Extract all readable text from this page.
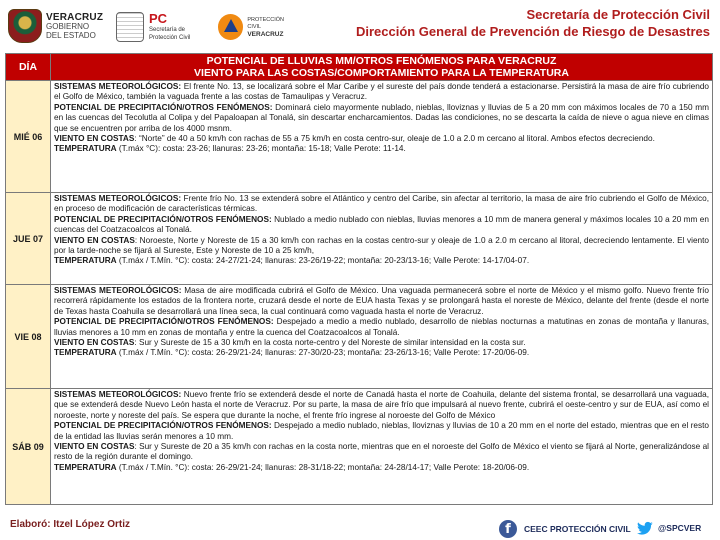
VERACRUZ
GOBIERNO
DEL ESTADO
PC
Secretaría de
Protección Civil
PROTECCIÓN CIVIL
VERACRUZ
Secretaría de Protección Civil
Dirección General de Prevención de Riesgo de Desastres
DÍA	POTENCIAL DE LLUVIAS MM/OTROS FENÓMENOS PARA VERACRUZ
VIENTO PARA LAS COSTAS/COMPORTAMIENTO PARA LA TEMPERATURA

MIÉ 06	SISTEMAS METEOROLÓGICOS: El frente No. 13, se localizará sobre el Mar Caribe y el sureste del país donde tenderá a estacionarse. Persistirá la masa de aire frío cubriendo el Golfo de México, también la vaguada frente a las costas de Tamaulipas y Veracruz.

POTENCIAL DE PRECIPITACIÓN/OTROS FENÓMENOS: Dominará cielo mayormente nublado, nieblas, lloviznas y lluvias de 5 a 20 mm con máximos locales de 70 a 150 mm en las cuencas del Tecolutla al Colipa y del Papaloapan al Tonalá, sin descartar encharcamientos. Dadas las condiciones, no se descarta la caída de nieve o agua nieve en climas que se encuentren por arriba de los 4000 msnm.

VIENTO EN COSTAS: “Norte” de 40 a 50 km/h con rachas de 55 a 75 km/h en costa centro-sur, oleaje de 1.0 a 2.0 m cercano al litoral. Ambos efectos decreciendo.

TEMPERATURA (T.máx °C): costa: 23-26; llanuras: 23-26; montaña: 15-18; Valle Perote: 11-14.

JUE 07	SISTEMAS METEOROLÓGICOS: Frente frío No. 13 se extenderá sobre el Atlántico y centro del Caribe, sin afectar al territorio, la masa de aire frío cubriendo el Golfo de México, en proceso de modificación de características térmicas.

POTENCIAL DE PRECIPITACIÓN/OTROS FENÓMENOS: Nublado a medio nublado con nieblas, lluvias menores a 10 mm de manera general y máximos locales 10 a 20 mm en cuencas del Coatzacoalcos al Tonalá.

VIENTO EN COSTAS: Noroeste, Norte y Noreste de 15 a 30 km/h con rachas en la costas centro-sur y oleaje de 1.0 a 2.0 m cercano al litoral, decreciendo lentamente. El viento por la tarde-noche se fijará al Sureste, Este y Noreste de 10 a 25 km/h,

TEMPERATURA (T.máx / T.Mín. °C): costa: 24-27/21-24; llanuras: 23-26/19-22; montaña: 20-23/13-16; Valle Perote: 14-17/04-07.

VIE 08	SISTEMAS METEOROLÓGICOS: Masa de aire modificada cubrirá el Golfo de México. Una vaguada permanecerá sobre el norte de México y el mismo golfo. Nuevo frente frío recorrerá rápidamente los estados de la frontera norte, cruzará desde el norte de EUA hasta Texas y se prolongará hasta el noreste de México, delante del frente (desde el norte de Texas hasta Coahuila se desarrollará una línea seca, la cual continuará como vaguada hasta el norte de Veracruz.

POTENCIAL DE PRECIPITACIÓN/OTROS FENÓMENOS: Despejado a medio a medio nublado, desarrollo de nieblas nocturnas a matutinas en zonas de montaña y llanuras, lluvias menores a 10 mm en zonas de montaña y entre la cuenca del Coatzacoalcos al Tonalá.

VIENTO EN COSTAS: Sur y Sureste de 15 a 30 km/h en la costa norte-centro y del Noreste de similar intensidad en la costa sur.

TEMPERATURA (T.máx / T.Mín. °C): costa: 26-29/21-24; llanuras: 27-30/20-23; montaña: 23-26/13-16; Valle Perote: 17-20/06-09.

SÁB 09	SISTEMAS METEOROLÓGICOS: Nuevo frente frío se extenderá desde el norte de Canadá hasta el norte de Coahuila, delante del sistema frontal, se desarrollará una vaguada, que se extenderá desde Nuevo León hasta el norte de Veracruz. Por su parte, la masa de aire frío que impulsará al nuevo frente, cubrirá el oeste-centro y sur de EUA, así como el noroeste, norte y noreste del país. Se espera que durante la noche, el frente frío ingrese al noroeste del Golfo de México

POTENCIAL DE PRECIPITACIÓN/OTROS FENÓMENOS: Despejado a medio nublado, nieblas, lloviznas y lluvias de 10 a 20 mm en el norte del estado, mientras que en el resto de la entidad las lluvias serán menores a 10 mm.

VIENTO EN COSTAS: Sur y Sureste de 20 a 35 km/h con rachas en la costa norte, mientras que en el noroeste del Golfo de México el viento se fijará al Norte, generalizándose al resto de la región durante el domingo.

TEMPERATURA (T.máx / T.Mín. °C): costa: 26-29/21-24; llanuras: 28-31/18-22; montaña: 24-28/14-17; Valle Perote: 18-20/06-09.

Elaboró: Itzel López Ortiz	f	CEEC PROTECCIÓN CIVIL	@SPCVER
